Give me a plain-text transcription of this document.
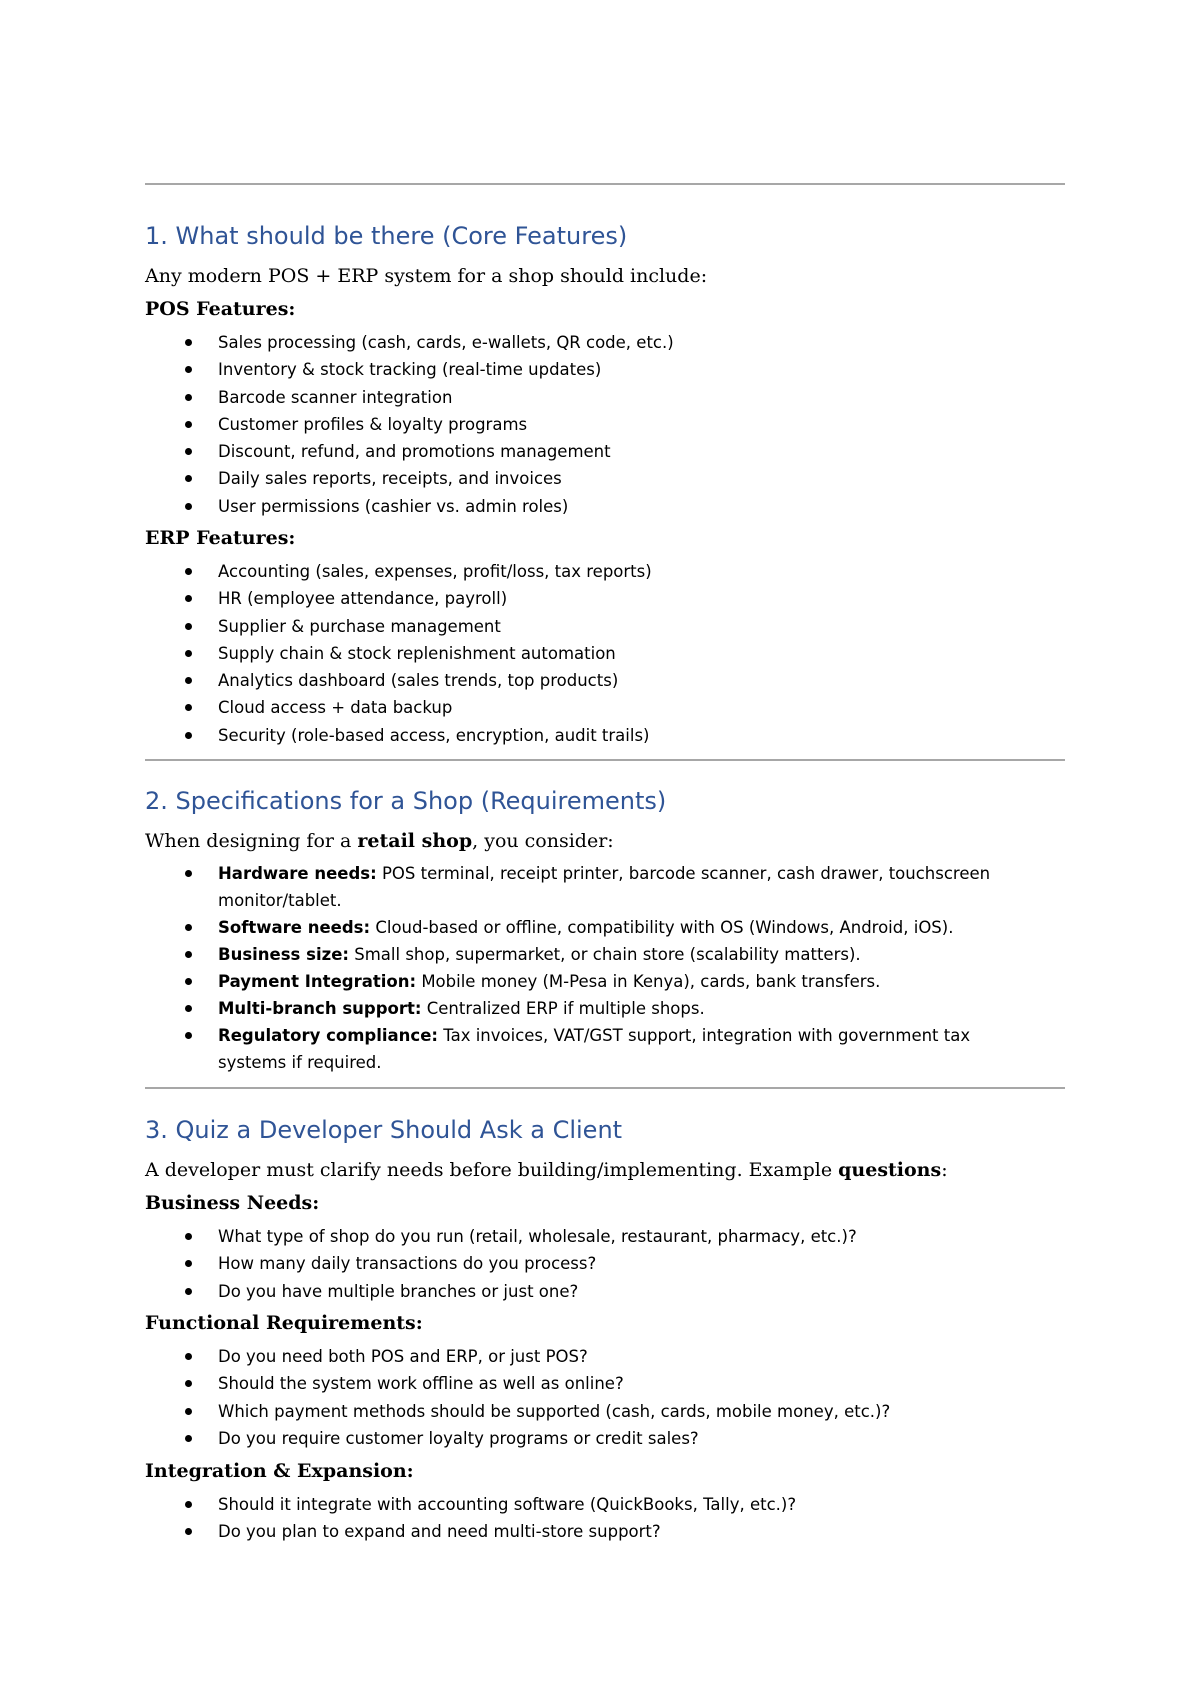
1. What should be there (Core Features)

Any modern POS + ERP system for a shop should include:

POS Features:

Sales processing (cash, cards, e-wallets, QR code, etc.)
Inventory & stock tracking (real-time updates)
Barcode scanner integration
Customer profiles & loyalty programs
Discount, refund, and promotions management
Daily sales reports, receipts, and invoices
User permissions (cashier vs. admin roles)

ERP Features:

Accounting (sales, expenses, profit/loss, tax reports)
HR (employee attendance, payroll)
Supplier & purchase management
Supply chain & stock replenishment automation
Analytics dashboard (sales trends, top products)
Cloud access + data backup
Security (role-based access, encryption, audit trails)
2. Specifications for a Shop (Requirements)

When designing for a retail shop, you consider:

Hardware needs: POS terminal, receipt printer, barcode scanner, cash drawer, touchscreen
monitor/tablet.
Software needs: Cloud-based or offline, compatibility with OS (Windows, Android, iOS).
Business size: Small shop, supermarket, or chain store (scalability matters).
Payment Integration: Mobile money (M-Pesa in Kenya), cards, bank transfers.
Multi-branch support: Centralized ERP if multiple shops.
Regulatory compliance: Tax invoices, VAT/GST support, integration with government tax
systems if required.
3. Quiz a Developer Should Ask a Client

A developer must clarify needs before building/implementing. Example questions:

Business Needs:

What type of shop do you run (retail, wholesale, restaurant, pharmacy, etc.)?
How many daily transactions do you process?
Do you have multiple branches or just one?

Functional Requirements:

Do you need both POS and ERP, or just POS?
Should the system work offline as well as online?
Which payment methods should be supported (cash, cards, mobile money, etc.)?
Do you require customer loyalty programs or credit sales?

Integration & Expansion:

Should it integrate with accounting software (QuickBooks, Tally, etc.)?
Do you plan to expand and need multi-store support?
